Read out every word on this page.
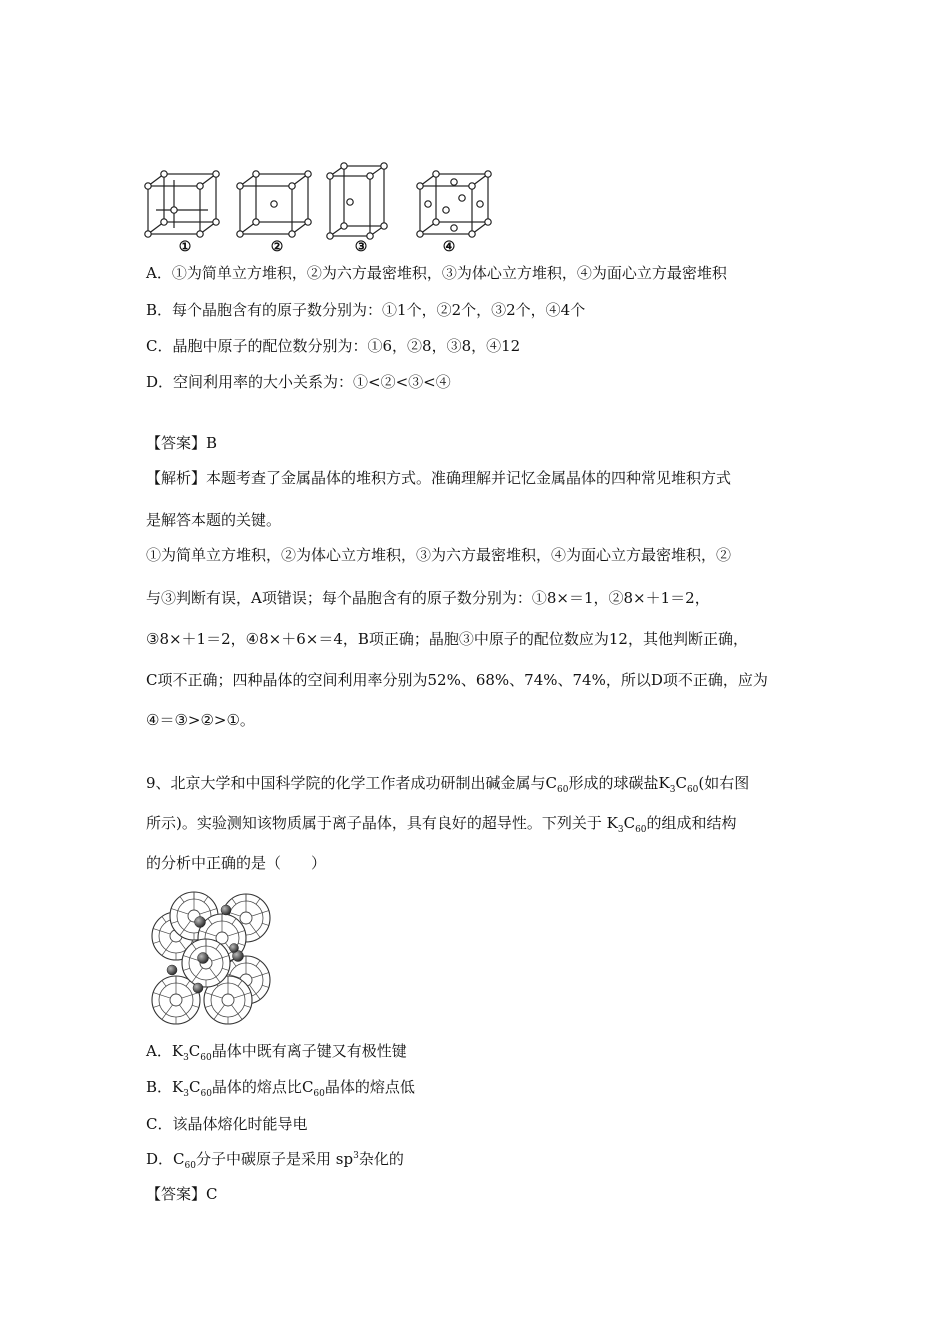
①	②	③	④
A．①为简单立方堆积，②为六方最密堆积，③为体心立方堆积，④为面心立方最密堆积
B．每个晶胞含有的原子数分别为：①1个，②2个，③2个，④4个
C．晶胞中原子的配位数分别为：①6，②8，③8，④12
D．空间利用率的大小关系为：①<②<③<④
【答案】B
【解析】本题考查了金属晶体的堆积方式。准确理解并记忆金属晶体的四种常见堆积方式
是解答本题的关键。
①为简单立方堆积，②为体心立方堆积，③为六方最密堆积，④为面心立方最密堆积，②
与③判断有误，A项错误；每个晶胞含有的原子数分别为：①8×＝1，②8×＋1＝2，
③8×＋1＝2，④8×＋6×＝4，B项正确；晶胞③中原子的配位数应为12，其他判断正确，
C项不正确；四种晶体的空间利用率分别为52%、68%、74%、74%，所以D项不正确，应为
④＝③>②>①。
9、北京大学和中国科学院的化学工作者成功研制出碱金属与$C_{60}$形成的球碳盐$K_3C_{60}$(如右图
所示)。实验测知该物质属于离子晶体，具有良好的超导性。下列关于 $K_3C_{60}$的组成和结构
的分析中正确的是（　　）
A．$K_3C_{60}$晶体中既有离子键又有极性键
B．$K_3C_{60}$晶体的熔点比$C_{60}$晶体的熔点低
C．该晶体熔化时能导电
D．$C_{60}$分子中碳原子是采用 $sp^3$杂化的
【答案】C
